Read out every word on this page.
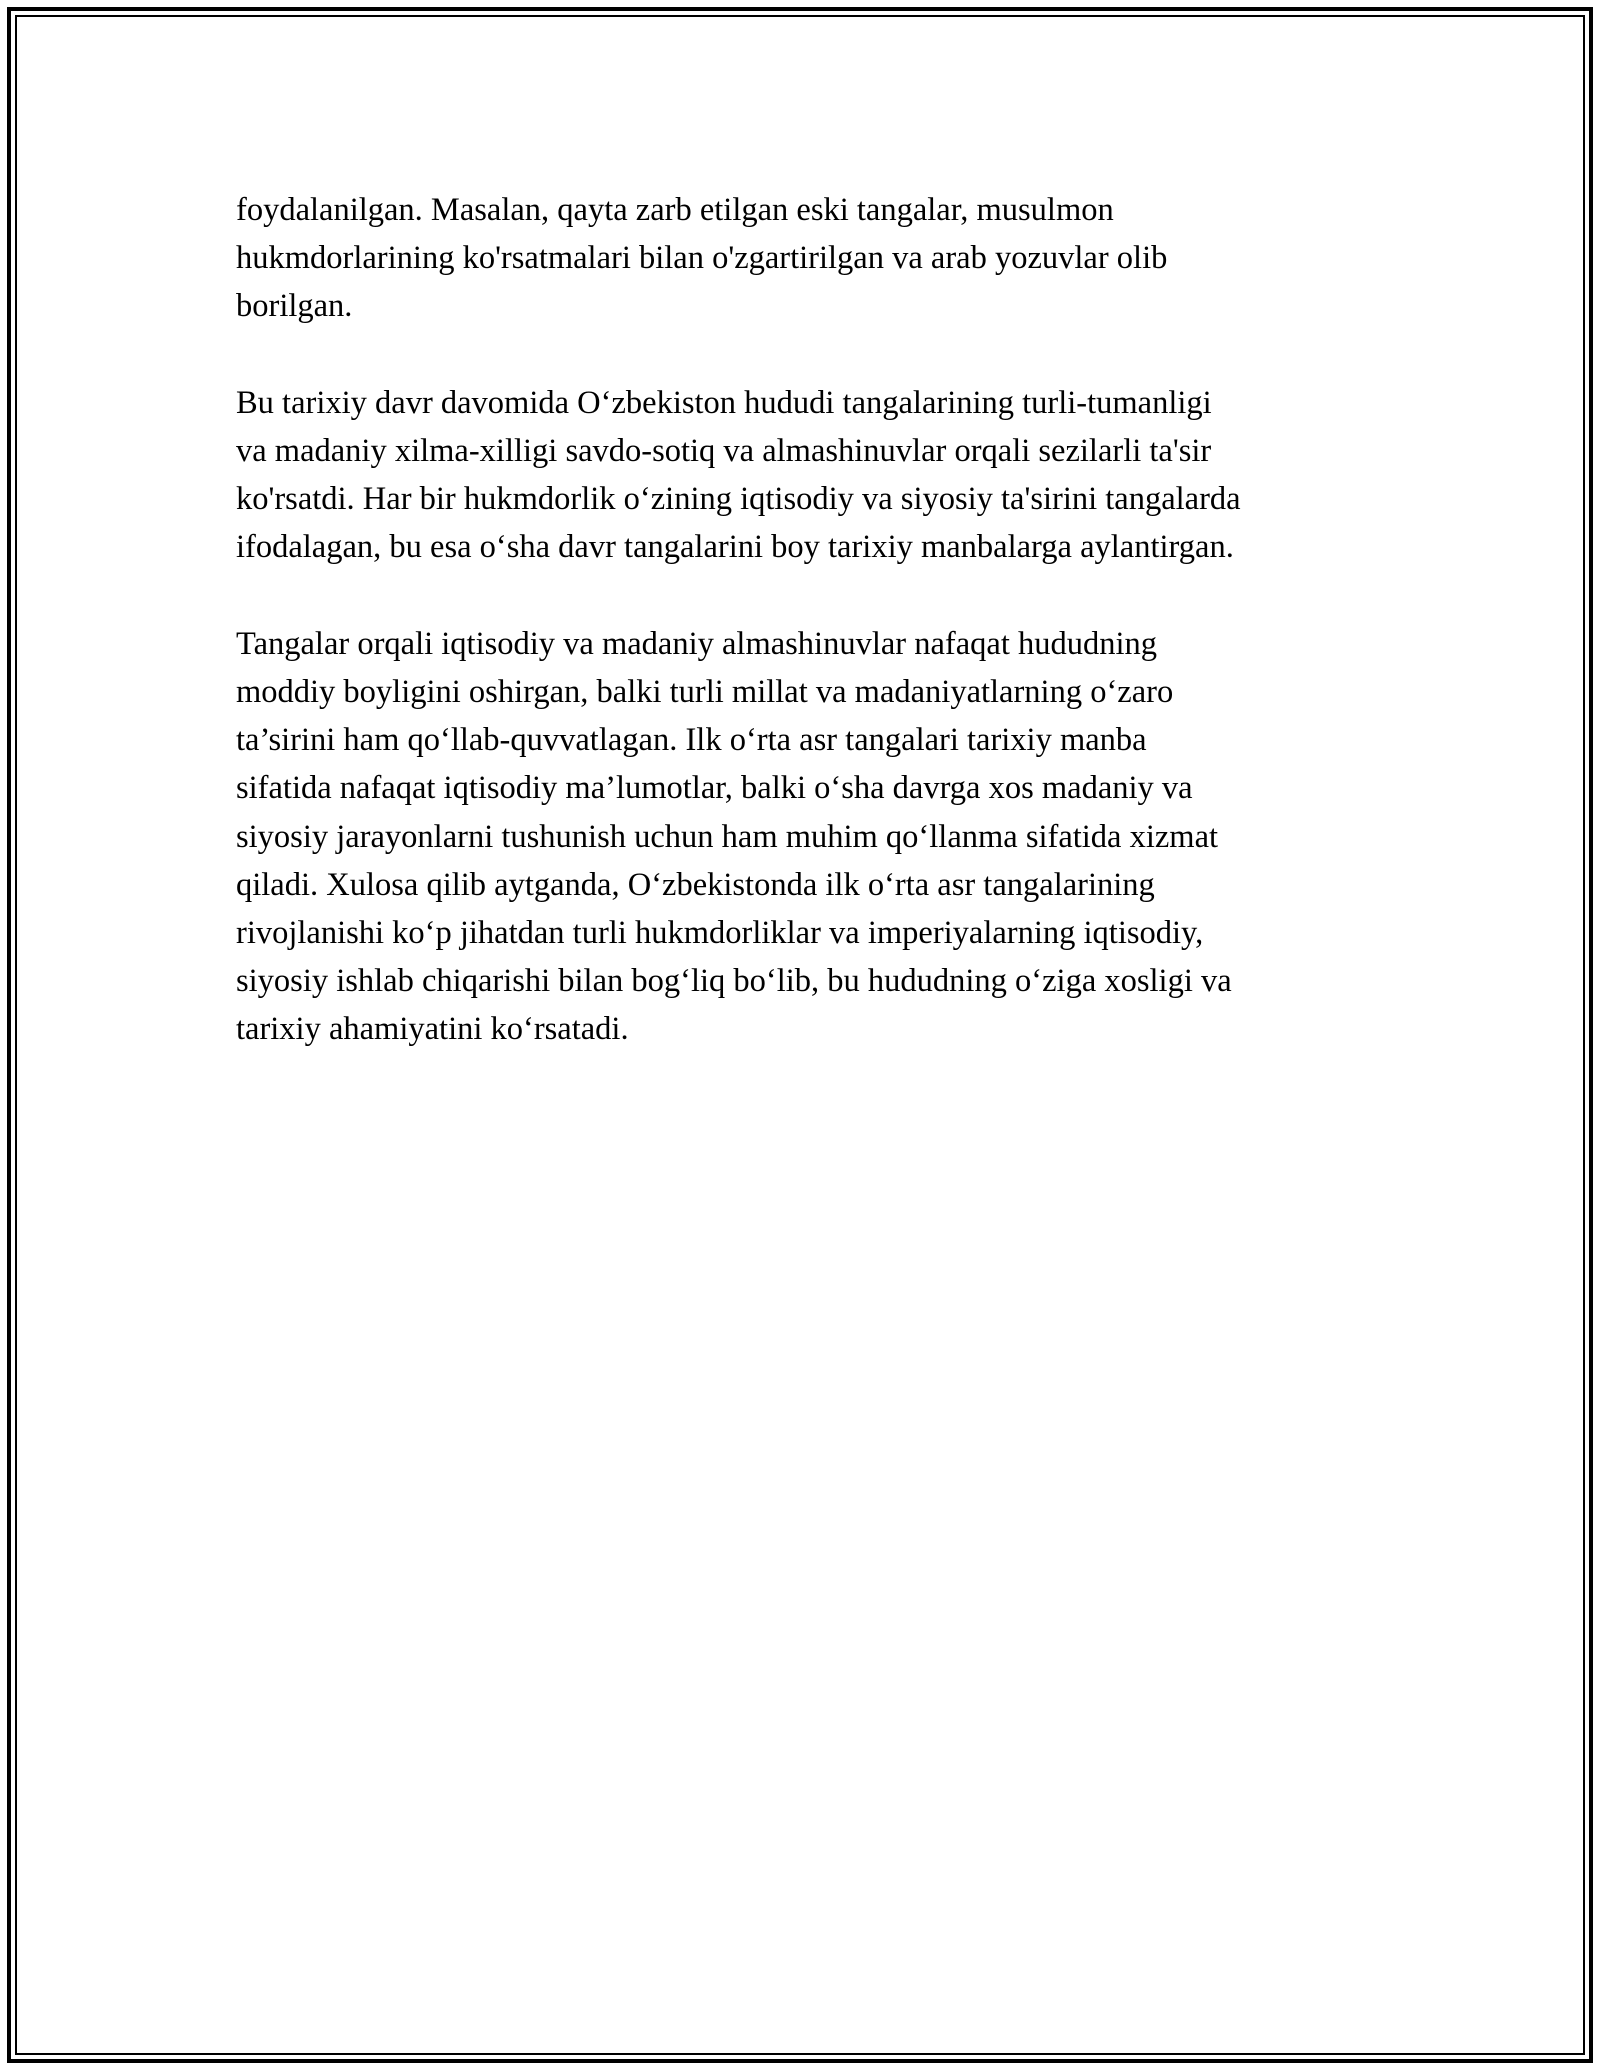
foydalanilgan. Masalan, qayta zarb etilgan eski tangalar, musulmon
hukmdorlarining ko'rsatmalari bilan o'zgartirilgan va arab yozuvlar olib
borilgan.

Bu tarixiy davr davomida O‘zbekiston hududi tangalarining turli-tumanligi
va madaniy xilma-xilligi savdo-sotiq va almashinuvlar orqali sezilarli ta'sir
ko'rsatdi. Har bir hukmdorlik o‘zining iqtisodiy va siyosiy ta'sirini tangalarda
ifodalagan, bu esa o‘sha davr tangalarini boy tarixiy manbalarga aylantirgan.

Tangalar orqali iqtisodiy va madaniy almashinuvlar nafaqat hududning
moddiy boyligini oshirgan, balki turli millat va madaniyatlarning o‘zaro
ta’sirini ham qo‘llab-quvvatlagan. Ilk o‘rta asr tangalari tarixiy manba
sifatida nafaqat iqtisodiy ma’lumotlar, balki o‘sha davrga xos madaniy va
siyosiy jarayonlarni tushunish uchun ham muhim qo‘llanma sifatida xizmat
qiladi. Xulosa qilib aytganda, O‘zbekistonda ilk o‘rta asr tangalarining
rivojlanishi ko‘p jihatdan turli hukmdorliklar va imperiyalarning iqtisodiy,
siyosiy ishlab chiqarishi bilan bog‘liq bo‘lib, bu hududning o‘ziga xosligi va
tarixiy ahamiyatini ko‘rsatadi.
